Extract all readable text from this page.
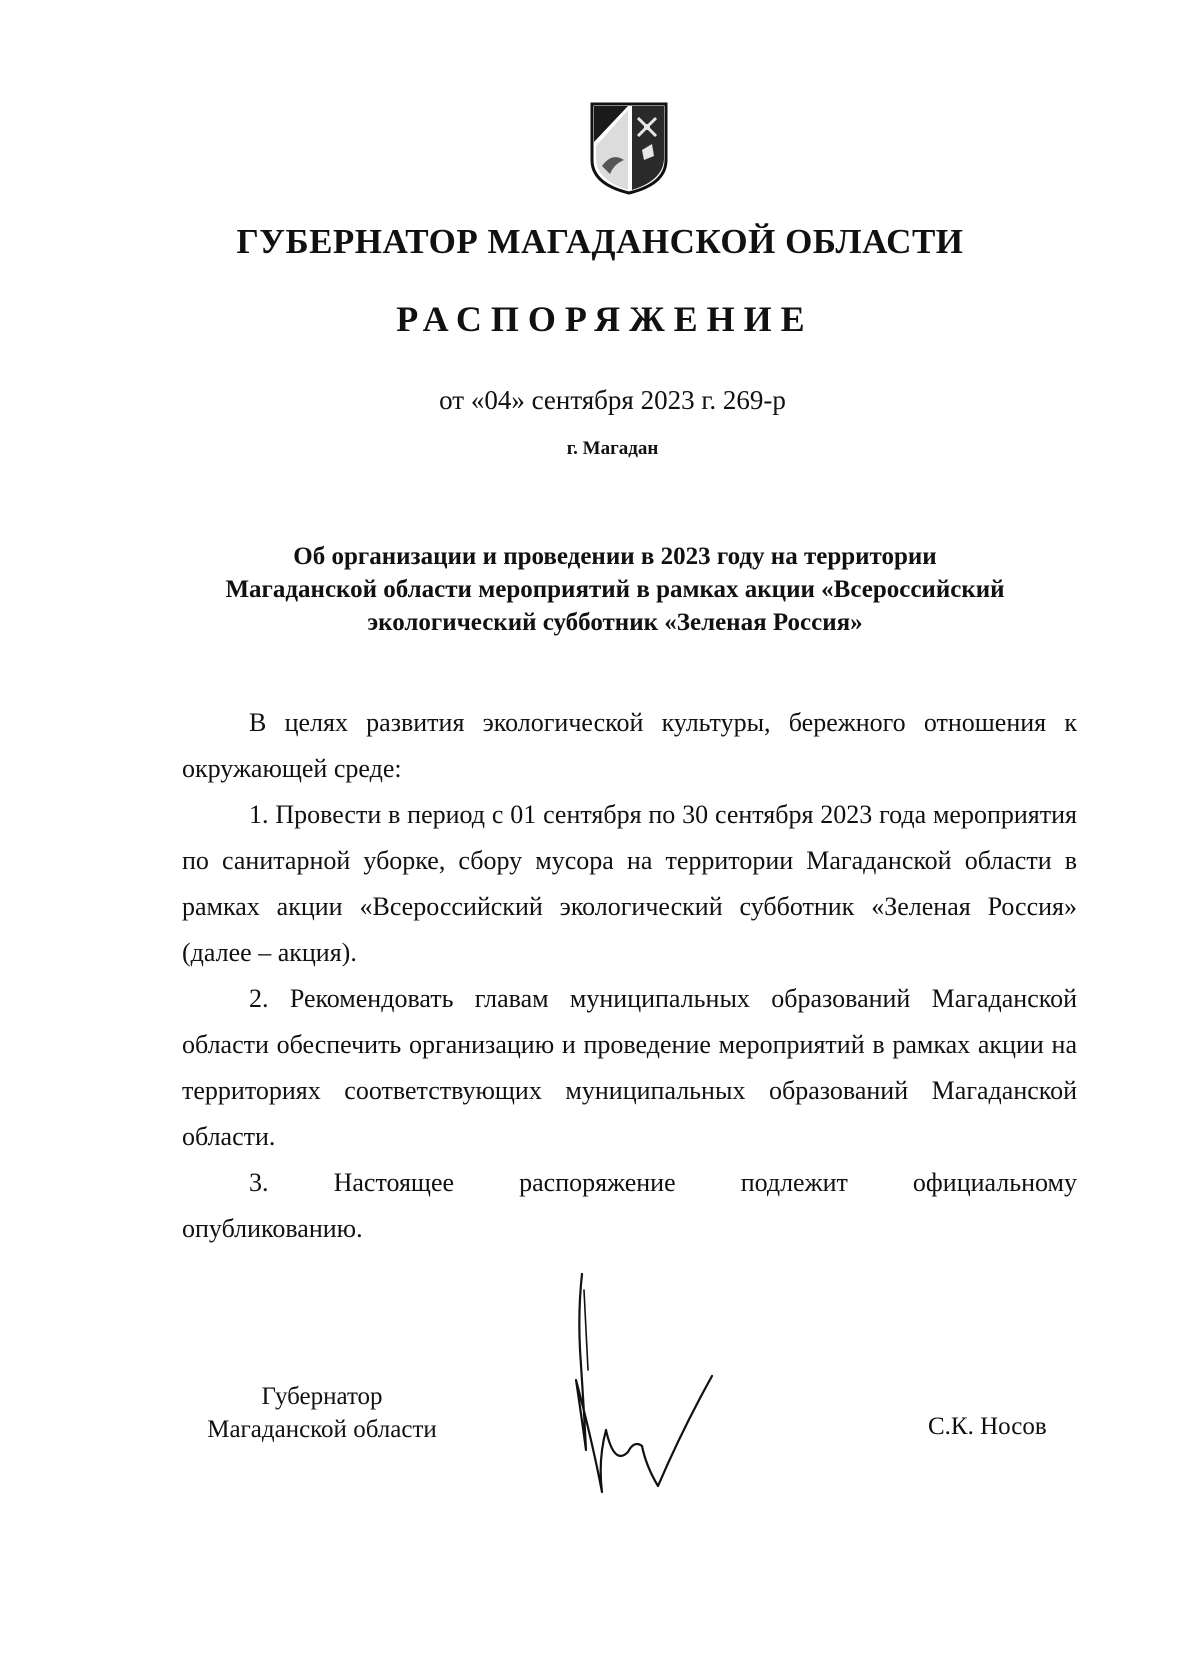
ГУБЕРНАТОР МАГАДАНСКОЙ ОБЛАСТИ
РАСПОРЯЖЕНИЕ
от «04» сентября 2023 г. 269-р
г. Магадан
Об организации и проведении в 2023 году на территории
Магаданской области мероприятий в рамках акции «Всероссийский
экологический субботник «Зеленая Россия»

В целях развития экологической культуры, бережного отношения к окружающей среде:

1. Провести в период с 01 сентября по 30 сентября 2023 года мероприятия по санитарной уборке, сбору мусора на территории Магаданской области в рамках акции «Всероссийский экологический субботник «Зеленая Россия» (далее – акция).

2. Рекомендовать главам муниципальных образований Магаданской области обеспечить организацию и проведение мероприятий в рамках акции на территориях соответствующих муниципальных образований Магаданской области.

3. Настоящее распоряжение подлежит официальному

опубликованию.
Губернатор
Магаданской области	С.К. Носов
